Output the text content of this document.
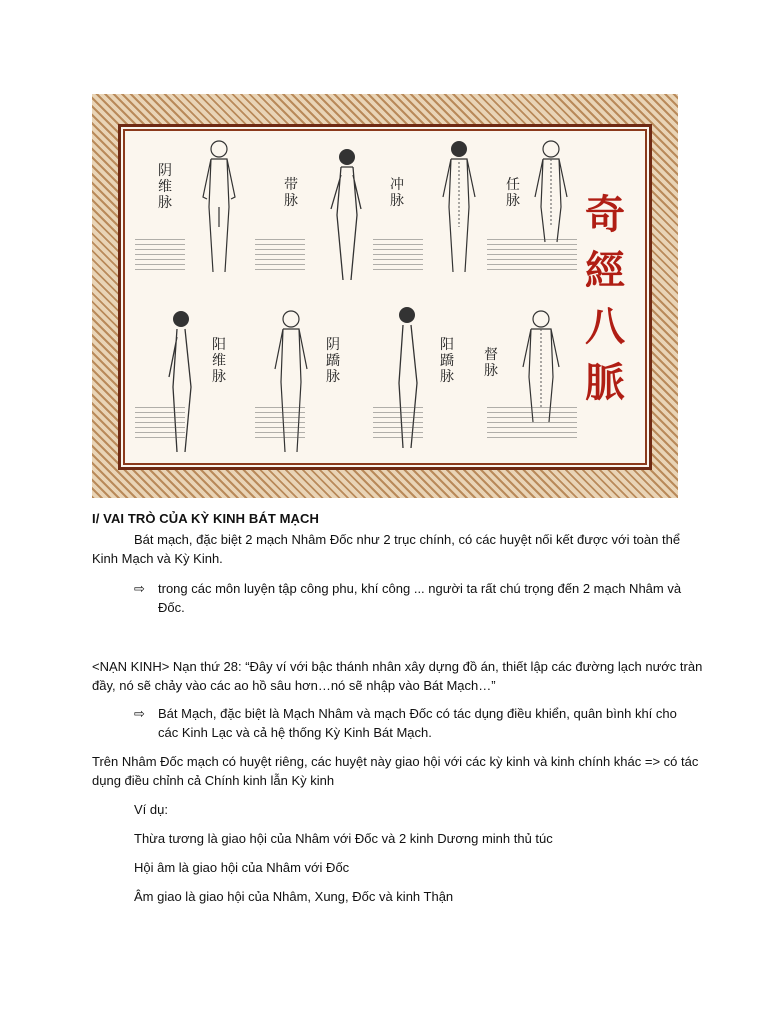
阴维脉
带脉
冲脉
任脉
阳维脉
阴蹻脉
阳蹻脉
督脉
奇
經
八
脈
I/ VAI TRÒ CỦA KỲ KINH BÁT MẠCH
Bát mạch, đặc biệt 2 mạch Nhâm Đốc như 2 trục chính, có các huyệt nối kết được với toàn thể
Kinh Mạch và Kỳ Kinh.
⇨ trong các môn luyện tập công phu, khí công ... người ta rất chú trọng đến 2 mạch Nhâm và
Đốc.
<NẠN KINH> Nạn thứ 28: “Đây ví với bậc thánh nhân xây dựng đồ án, thiết lập các đường lạch nước tràn
đầy, nó sẽ chảy vào các ao hồ sâu hơn…nó sẽ nhập vào Bát Mạch…”
⇨ Bát Mạch, đặc biệt là Mạch Nhâm và mạch Đốc có tác dụng điều khiển, quân bình khí cho
các Kinh Lạc và cả hệ thống Kỳ Kinh Bát Mạch.
Trên Nhâm Đốc mạch có huyệt riêng, các huyệt này giao hội với các kỳ kinh và kinh chính khác => có tác
dụng điều chỉnh cả Chính kinh lẫn Kỳ kinh
Ví dụ:
Thừa tương là giao hội của Nhâm với Đốc và 2 kinh Dương minh thủ túc
Hội âm là giao hội của Nhâm với Đốc
Âm giao là giao hội của Nhâm, Xung, Đốc và kinh Thận
